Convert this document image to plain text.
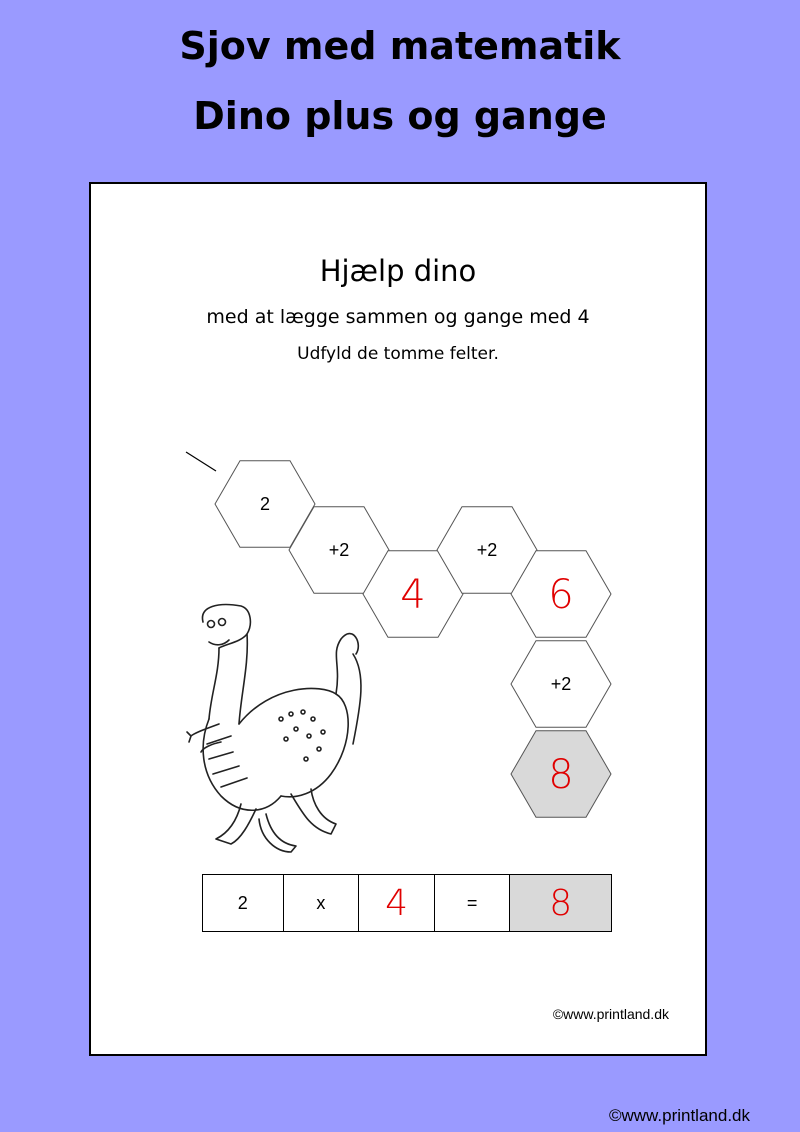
Sjov med matematik
Dino plus og gange
Hjælp dino
med at lægge sammen og gange med 4
Udfyld de tomme felter.
2
+2
4
+2
6
+2
8
2	x	4	=	8
©www.printland.dk
©www.printland.dk
